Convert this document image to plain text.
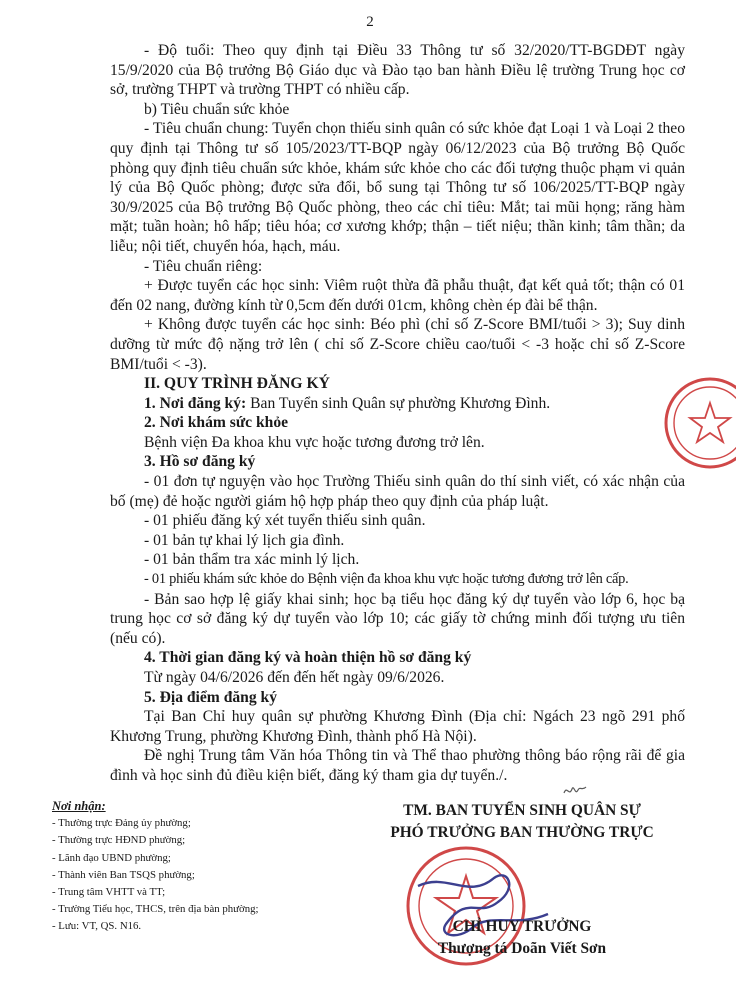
2

- Độ tuổi: Theo quy định tại Điều 33 Thông tư số 32/2020/TT-BGDĐT ngày 15/9/2020 của Bộ trưởng Bộ Giáo dục và Đào tạo ban hành Điều lệ trường Trung học cơ sở, trường THPT và trường THPT có nhiều cấp.

b) Tiêu chuẩn sức khỏe

- Tiêu chuẩn chung: Tuyển chọn thiếu sinh quân có sức khỏe đạt Loại 1 và Loại 2 theo quy định tại Thông tư số 105/2023/TT-BQP ngày 06/12/2023 của Bộ trưởng Bộ Quốc phòng quy định tiêu chuẩn sức khỏe, khám sức khỏe cho các đối tượng thuộc phạm vi quản lý của Bộ Quốc phòng; được sửa đổi, bổ sung tại Thông tư số 106/2025/TT-BQP ngày 30/9/2025 của Bộ trưởng Bộ Quốc phòng, theo các chỉ tiêu: Mắt; tai mũi họng; răng hàm mặt; tuần hoàn; hô hấp; tiêu hóa; cơ xương khớp; thận – tiết niệu; thần kinh; tâm thần; da liễu; nội tiết, chuyển hóa, hạch, máu.

- Tiêu chuẩn riêng:

+ Được tuyển các học sinh: Viêm ruột thừa đã phẫu thuật, đạt kết quả tốt; thận có 01 đến 02 nang, đường kính từ 0,5cm đến dưới 01cm, không chèn ép đài bể thận.

+ Không được tuyển các học sinh: Béo phì (chỉ số Z-Score BMI/tuổi > 3); Suy dinh dưỡng từ mức độ nặng trở lên ( chỉ số Z-Score chiều cao/tuổi < -3 hoặc chỉ số Z-Score BMI/tuổi < -3).

II. QUY TRÌNH ĐĂNG KÝ

1. Nơi đăng ký: Ban Tuyển sinh Quân sự phường Khương Đình.

2. Nơi khám sức khỏe

Bệnh viện Đa khoa khu vực hoặc tương đương trở lên.

3. Hồ sơ đăng ký

- 01 đơn tự nguyện vào học Trường Thiếu sinh quân do thí sinh viết, có xác nhận của bố (mẹ) đẻ hoặc người giám hộ hợp pháp theo quy định của pháp luật.

- 01 phiếu đăng ký xét tuyển thiếu sinh quân.

- 01 bản tự khai lý lịch gia đình.

- 01 bản thẩm tra xác minh lý lịch.

- 01 phiếu khám sức khỏe do Bệnh viện đa khoa khu vực hoặc tương đương trở lên cấp.

- Bản sao hợp lệ giấy khai sinh; học bạ tiểu học đăng ký dự tuyển vào lớp 6, học bạ trung học cơ sở đăng ký dự tuyển vào lớp 10; các giấy tờ chứng minh đối tượng ưu tiên (nếu có).

4. Thời gian đăng ký và hoàn thiện hồ sơ đăng ký

Từ ngày 04/6/2026 đến đến hết ngày 09/6/2026.

5. Địa điểm đăng ký

Tại Ban Chỉ huy quân sự phường Khương Đình (Địa chỉ: Ngách 23 ngõ 291 phố Khương Trung, phường Khương Đình, thành phố Hà Nội).

Đề nghị Trung tâm Văn hóa Thông tin và Thể thao phường thông báo rộng rãi để gia đình và học sinh đủ điều kiện biết, đăng ký tham gia dự tuyển./.

Nơi nhận:
- Thường trực Đảng ủy phường;
- Thường trực HĐND phường;
- Lãnh đạo UBND phường;
- Thành viên Ban TSQS phường;
- Trung tâm VHTT và TT;
- Trường Tiểu học, THCS, trên địa bàn phường;
- Lưu: VT, QS. N16.
TM. BAN TUYỂN SINH QUÂN SỰ
PHÓ TRƯỞNG BAN THƯỜNG TRỰC
CHỈ HUY TRƯỞNG
Thượng tá Doãn Viết Sơn
